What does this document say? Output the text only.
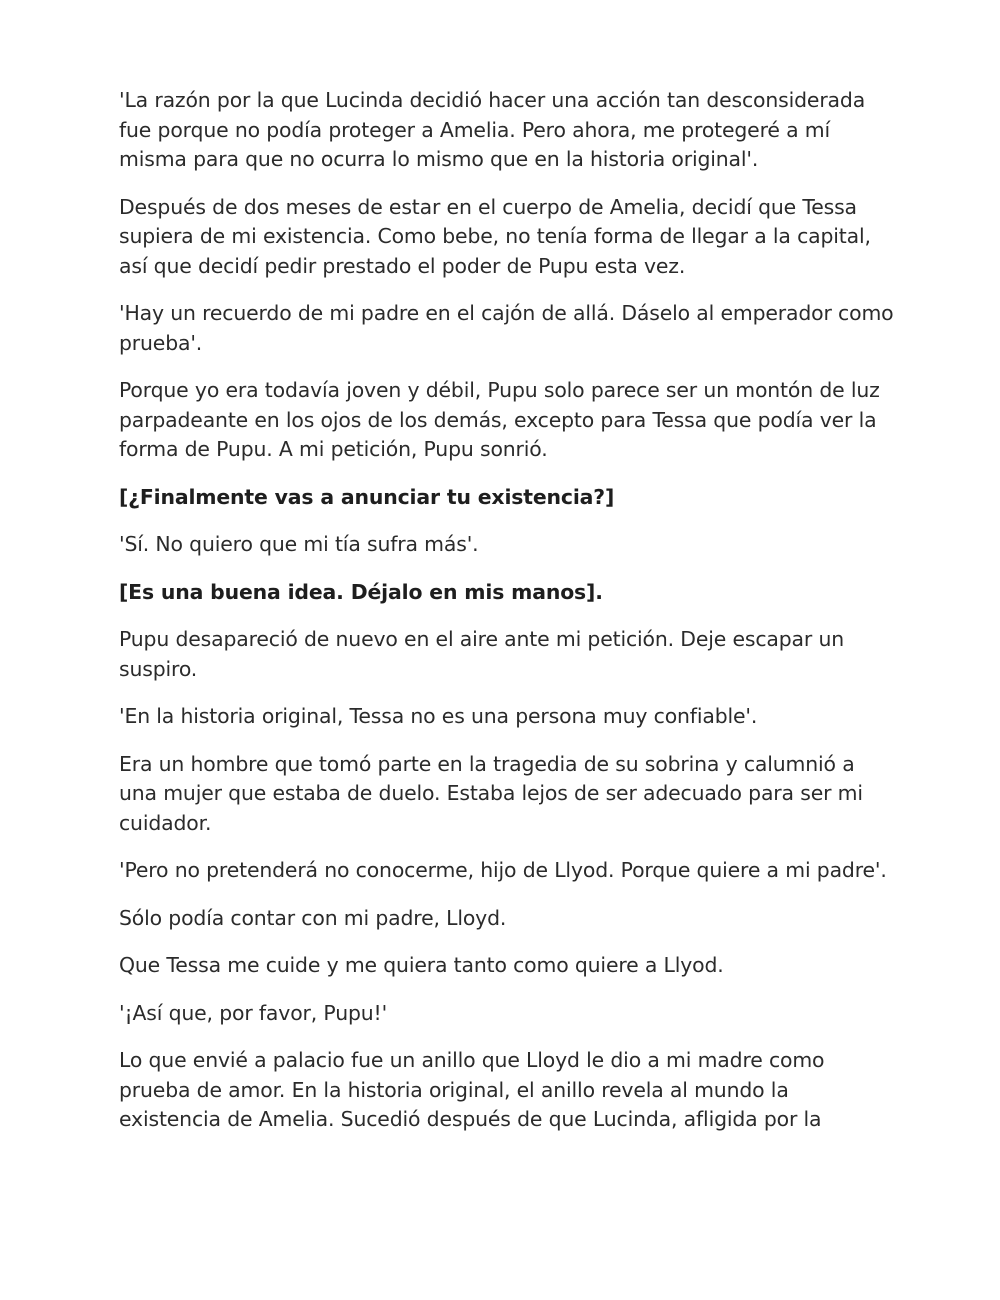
'La razón por la que Lucinda decidió hacer una acción tan desconsiderada fue porque no podía proteger a Amelia. Pero ahora, me protegeré a mí misma para que no ocurra lo mismo que en la historia original'.

Después de dos meses de estar en el cuerpo de Amelia, decidí que Tessa supiera de mi existencia. Como bebe, no tenía forma de llegar a la capital, así que decidí pedir prestado el poder de Pupu esta vez.

'Hay un recuerdo de mi padre en el cajón de allá. Dáselo al emperador como prueba'.

Porque yo era todavía joven y débil, Pupu solo parece ser un montón de luz parpadeante en los ojos de los demás, excepto para Tessa que podía ver la forma de Pupu. A mi petición, Pupu sonrió.

[¿Finalmente vas a anunciar tu existencia?]

'Sí. No quiero que mi tía sufra más'.

[Es una buena idea. Déjalo en mis manos].

Pupu desapareció de nuevo en el aire ante mi petición. Deje escapar un suspiro.

'En la historia original, Tessa no es una persona muy confiable'.

Era un hombre que tomó parte en la tragedia de su sobrina y calumnió a una mujer que estaba de duelo. Estaba lejos de ser adecuado para ser mi cuidador.

'Pero no pretenderá no conocerme, hijo de Llyod. Porque quiere a mi padre'.

Sólo podía contar con mi padre, Lloyd.

Que Tessa me cuide y me quiera tanto como quiere a Llyod.

'¡Así que, por favor, Pupu!'

Lo que envié a palacio fue un anillo que Lloyd le dio a mi madre como prueba de amor. En la historia original, el anillo revela al mundo la existencia de Amelia. Sucedió después de que Lucinda, afligida por la
